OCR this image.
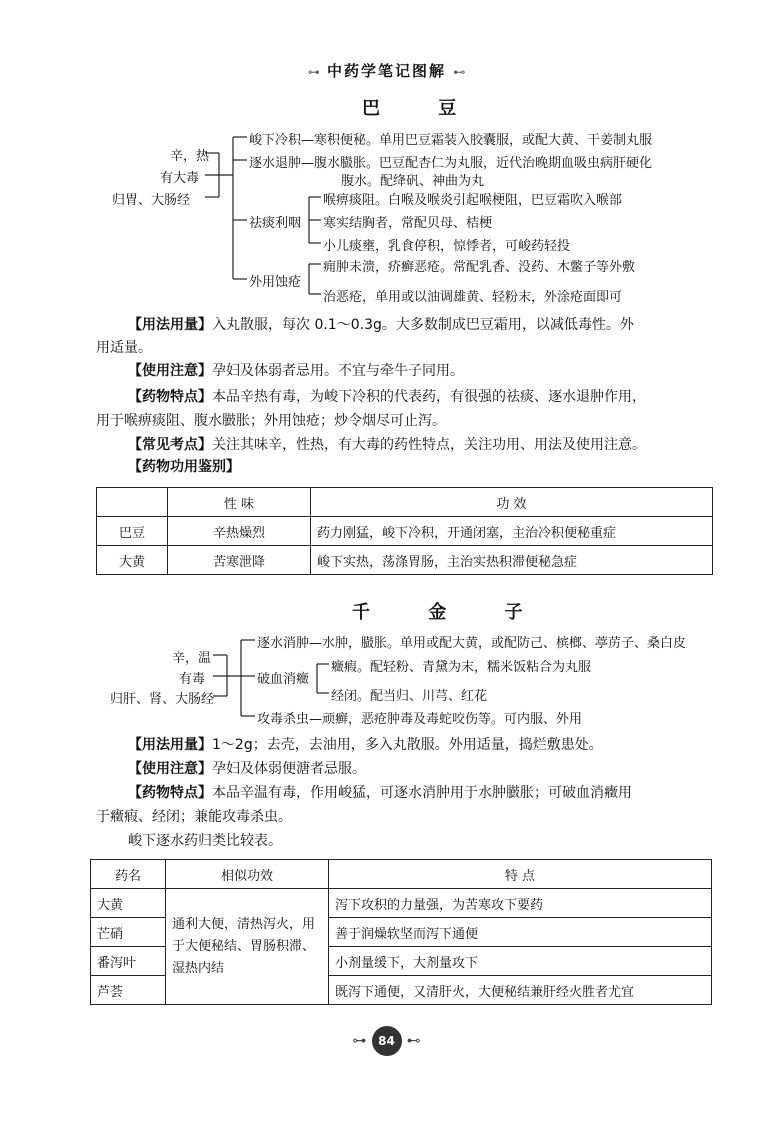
⊶ 中药学笔记图解 ⊷
巴 豆
辛，热
有大毒
归胃、大肠经
峻下冷积—寒积便秘。单用巴豆霜装入胶囊服，或配大黄、干姜制丸服
逐水退肿—腹水臌胀。巴豆配杏仁为丸服，近代治晚期血吸虫病肝硬化
腹水。配绛矾、神曲为丸
喉痹痰阻。白喉及喉炎引起喉梗阻，巴豆霜吹入喉部
祛痰利咽 寒实结胸者，常配贝母、桔梗
小儿痰壅，乳食停积，惊悸者，可峻药轻投
痈肿未溃，疥癣恶疮。常配乳香、没药、木鳖子等外敷
外用蚀疮
治恶疮，单用或以油调雄黄、轻粉末，外涂疮面即可
【用法用量】入丸散服，每次 0.1～0.3g。大多数制成巴豆霜用，以减低毒性。外
用适量。
【使用注意】孕妇及体弱者忌用。不宜与牵牛子同用。
【药物特点】本品辛热有毒，为峻下冷积的代表药，有很强的祛痰、逐水退肿作用，
用于喉痹痰阻、腹水臌胀；外用蚀疮；炒令烟尽可止泻。
【常见考点】关注其味辛，性热，有大毒的药性特点，关注功用、用法及使用注意。
【药物功用鉴别】
	性 味	功 效
巴豆	辛热燥烈	药力刚猛，峻下冷积，开通闭塞，主治冷积便秘重症
大黄	苦寒泄降	峻下实热，荡涤胃肠，主治实热积滞便秘急症
千 金 子
辛，温
有毒
归肝、肾、大肠经
逐水消肿—水肿，臌胀。单用或配大黄，或配防己、槟榔、葶苈子、桑白皮
癥瘕。配轻粉、青黛为末，糯米饭粘合为丸服
破血消癥
经闭。配当归、川芎、红花
攻毒杀虫—顽癣，恶疮肿毒及毒蛇咬伤等。可内服、外用
【用法用量】1～2g；去壳，去油用，多入丸散服。外用适量，捣烂敷患处。
【使用注意】孕妇及体弱便溏者忌服。
【药物特点】本品辛温有毒，作用峻猛，可逐水消肿用于水肿臌胀；可破血消癥用
于癥瘕、经闭；兼能攻毒杀虫。
峻下逐水药归类比较表。
药名	相似功效	特 点
大黄	通利大便，清热泻火，用于大便秘结、胃肠积滞、湿热内结	泻下攻积的力量强，为苦寒攻下要药
芒硝		善于润燥软坚而泻下通便
番泻叶		小剂量缓下，大剂量攻下
芦荟		既泻下通便，又清肝火，大便秘结兼肝经火胜者尤宜
⊶ 84 ⊷
